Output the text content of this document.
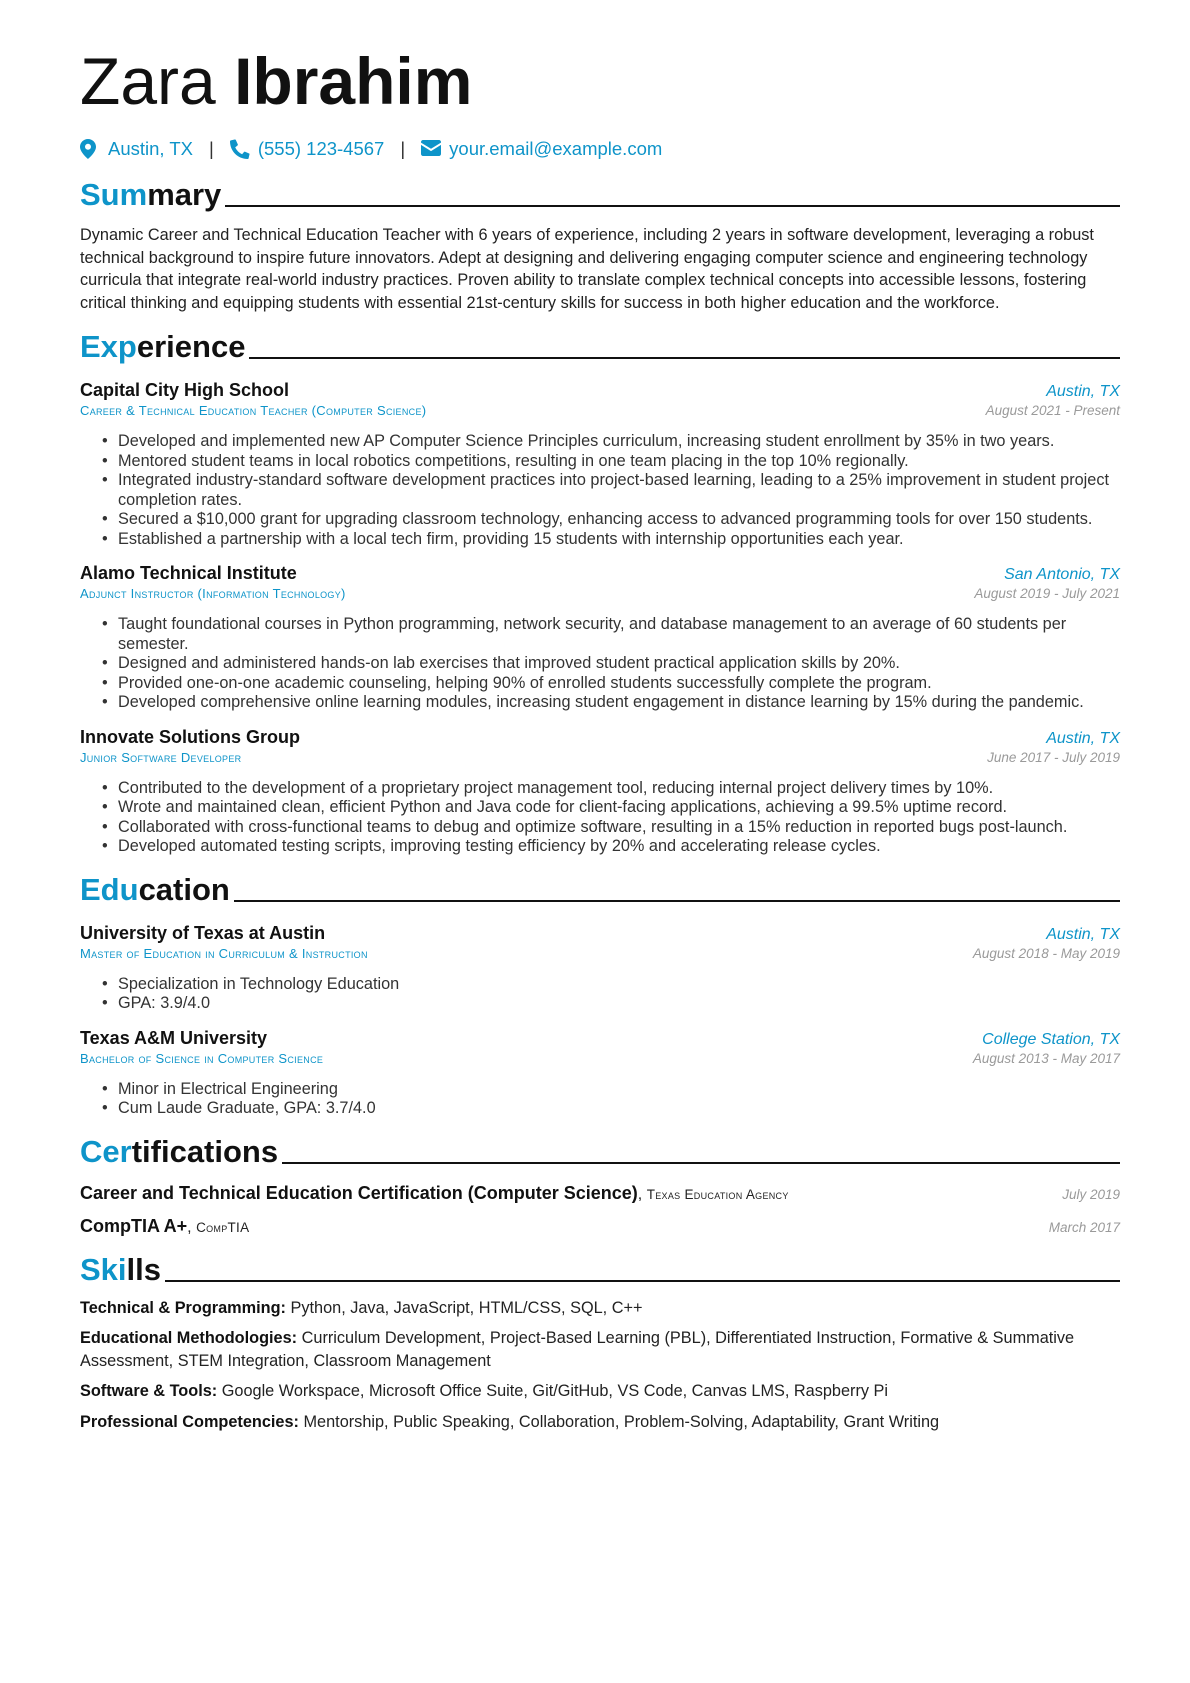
Zara Ibrahim
Austin, TX | (555) 123-4567 | your.email@example.com
Summary
Dynamic Career and Technical Education Teacher with 6 years of experience, including 2 years in software development, leveraging a robust technical background to inspire future innovators. Adept at designing and delivering engaging computer science and engineering technology curricula that integrate real-world industry practices. Proven ability to translate complex technical concepts into accessible lessons, fostering critical thinking and equipping students with essential 21st-century skills for success in both higher education and the workforce.
Experience
Capital City High School	Austin, TX
Career & Technical Education Teacher (Computer Science)	August 2021 - Present
• Developed and implemented new AP Computer Science Principles curriculum, increasing student enrollment by 35% in two years.
• Mentored student teams in local robotics competitions, resulting in one team placing in the top 10% regionally.
• Integrated industry-standard software development practices into project-based learning, leading to a 25% improvement in student project completion rates.
• Secured a $10,000 grant for upgrading classroom technology, enhancing access to advanced programming tools for over 150 students.
• Established a partnership with a local tech firm, providing 15 students with internship opportunities each year.
Alamo Technical Institute	San Antonio, TX
Adjunct Instructor (Information Technology)	August 2019 - July 2021
• Taught foundational courses in Python programming, network security, and database management to an average of 60 students per semester.
• Designed and administered hands-on lab exercises that improved student practical application skills by 20%.
• Provided one-on-one academic counseling, helping 90% of enrolled students successfully complete the program.
• Developed comprehensive online learning modules, increasing student engagement in distance learning by 15% during the pandemic.
Innovate Solutions Group	Austin, TX
Junior Software Developer	June 2017 - July 2019
• Contributed to the development of a proprietary project management tool, reducing internal project delivery times by 10%.
• Wrote and maintained clean, efficient Python and Java code for client-facing applications, achieving a 99.5% uptime record.
• Collaborated with cross-functional teams to debug and optimize software, resulting in a 15% reduction in reported bugs post-launch.
• Developed automated testing scripts, improving testing efficiency by 20% and accelerating release cycles.
Education
University of Texas at Austin	Austin, TX
Master of Education in Curriculum & Instruction	August 2018 - May 2019
• Specialization in Technology Education
• GPA: 3.9/4.0
Texas A&M University	College Station, TX
Bachelor of Science in Computer Science	August 2013 - May 2017
• Minor in Electrical Engineering
• Cum Laude Graduate, GPA: 3.7/4.0
Certifications
Career and Technical Education Certification (Computer Science), Texas Education Agency	July 2019
CompTIA A+, CompTIA	March 2017
Skills
Technical & Programming: Python, Java, JavaScript, HTML/CSS, SQL, C++
Educational Methodologies: Curriculum Development, Project-Based Learning (PBL), Differentiated Instruction, Formative & Summative Assessment, STEM Integration, Classroom Management
Software & Tools: Google Workspace, Microsoft Office Suite, Git/GitHub, VS Code, Canvas LMS, Raspberry Pi
Professional Competencies: Mentorship, Public Speaking, Collaboration, Problem-Solving, Adaptability, Grant Writing
